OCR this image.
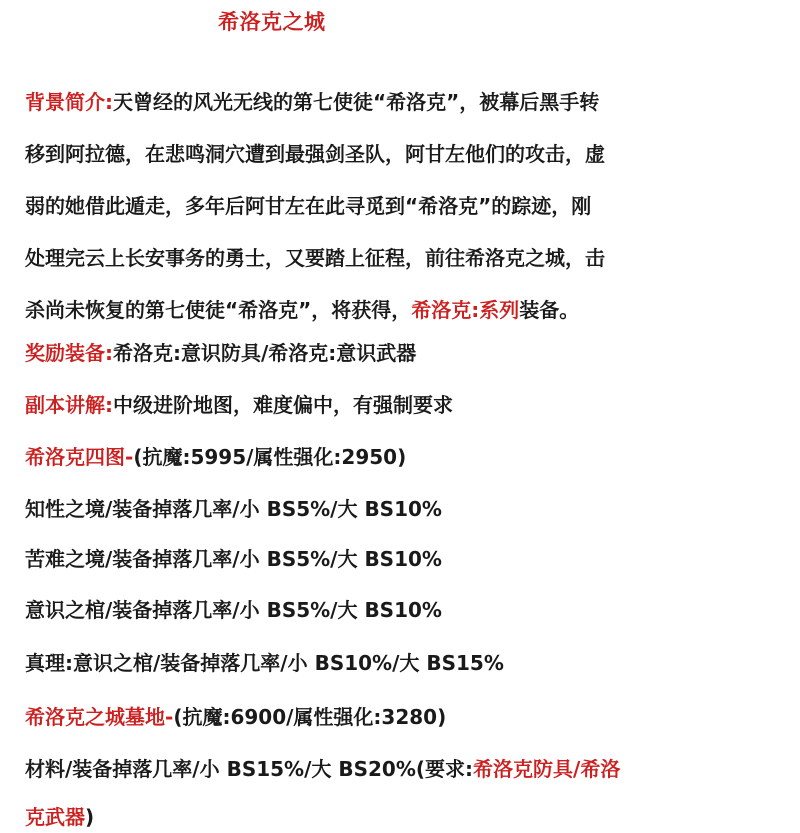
希洛克之城
背景简介:天曾经的风光无线的第七使徒“希洛克”，被幕后黑手转
移到阿拉德，在悲鸣洞穴遭到最强剑圣队，阿甘左他们的攻击，虚
弱的她借此遁走，多年后阿甘左在此寻觅到“希洛克”的踪迹，刚
处理完云上长安事务的勇士，又要踏上征程，前往希洛克之城，击
杀尚未恢复的第七使徒“希洛克”，将获得，希洛克:系列装备。
奖励装备:希洛克:意识防具/希洛克:意识武器
副本讲解:中级进阶地图，难度偏中，有强制要求
希洛克四图-(抗魔:5995/属性强化:2950)
知性之境/装备掉落几率/小 BS5%/大 BS10%
苦难之境/装备掉落几率/小 BS5%/大 BS10%
意识之棺/装备掉落几率/小 BS5%/大 BS10%
真理:意识之棺/装备掉落几率/小 BS10%/大 BS15%
希洛克之城墓地-(抗魔:6900/属性强化:3280)
材料/装备掉落几率/小 BS15%/大 BS20%(要求:希洛克防具/希洛
克武器)
